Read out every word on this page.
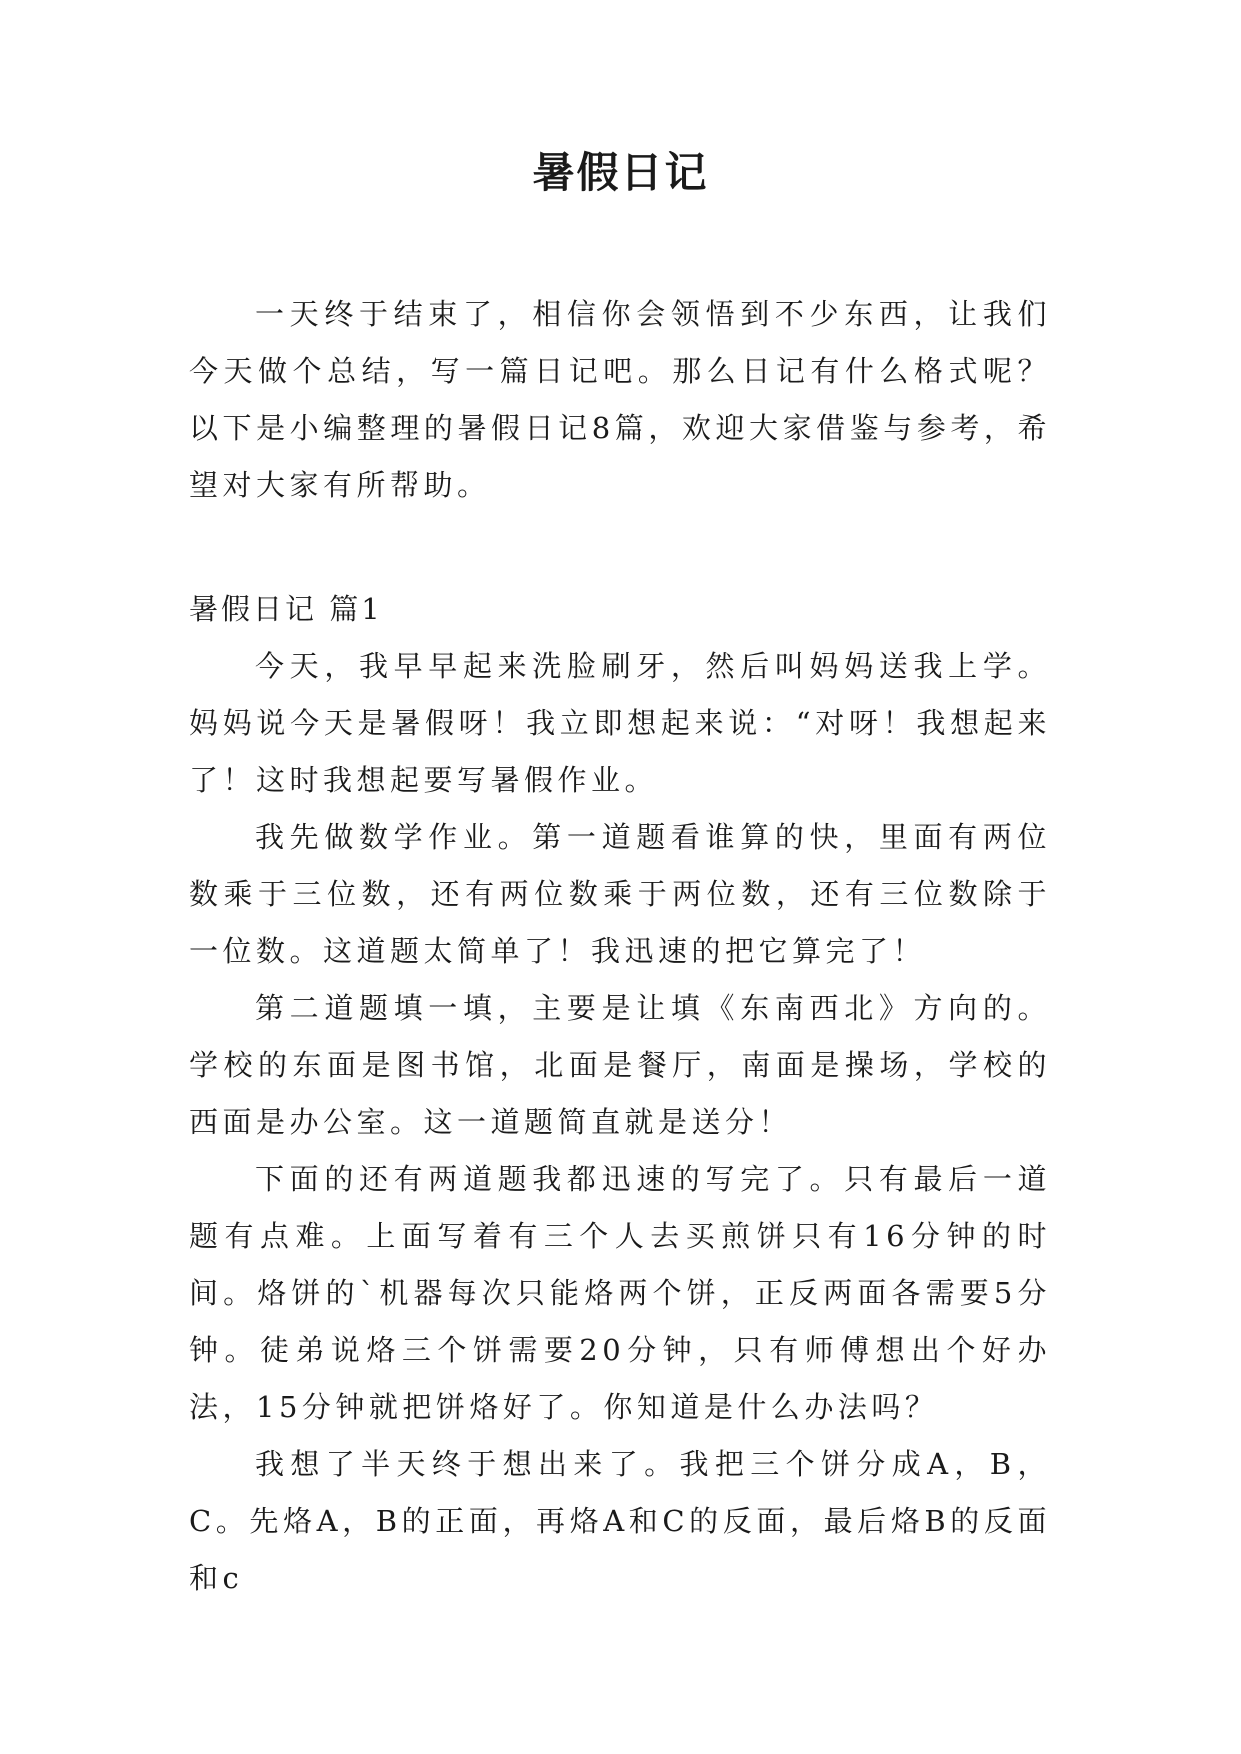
暑假日记

一天终于结束了，相信你会领悟到不少东西，让我们今天做个总结，写一篇日记吧。那么日记有什么格式呢？以下是小编整理的暑假日记8篇，欢迎大家借鉴与参考，希望对大家有所帮助。

暑假日记 篇1

今天，我早早起来洗脸刷牙，然后叫妈妈送我上学。妈妈说今天是暑假呀！我立即想起来说：“对呀！我想起来了！这时我想起要写暑假作业。

我先做数学作业。第一道题看谁算的快，里面有两位数乘于三位数，还有两位数乘于两位数，还有三位数除于一位数。这道题太简单了！我迅速的把它算完了！

第二道题填一填，主要是让填《东南西北》方向的。学校的东面是图书馆，北面是餐厅，南面是操场，学校的西面是办公室。这一道题简直就是送分！

下面的还有两道题我都迅速的写完了。只有最后一道题有点难。上面写着有三个人去买煎饼只有16分钟的时间。烙饼的`机器每次只能烙两个饼，正反两面各需要5分钟。徒弟说烙三个饼需要20分钟，只有师傅想出个好办法，15分钟就把饼烙好了。你知道是什么办法吗？

我想了半天终于想出来了。我把三个饼分成A，B，C。先烙A，B的正面，再烙A和C的反面，最后烙B的反面和c
